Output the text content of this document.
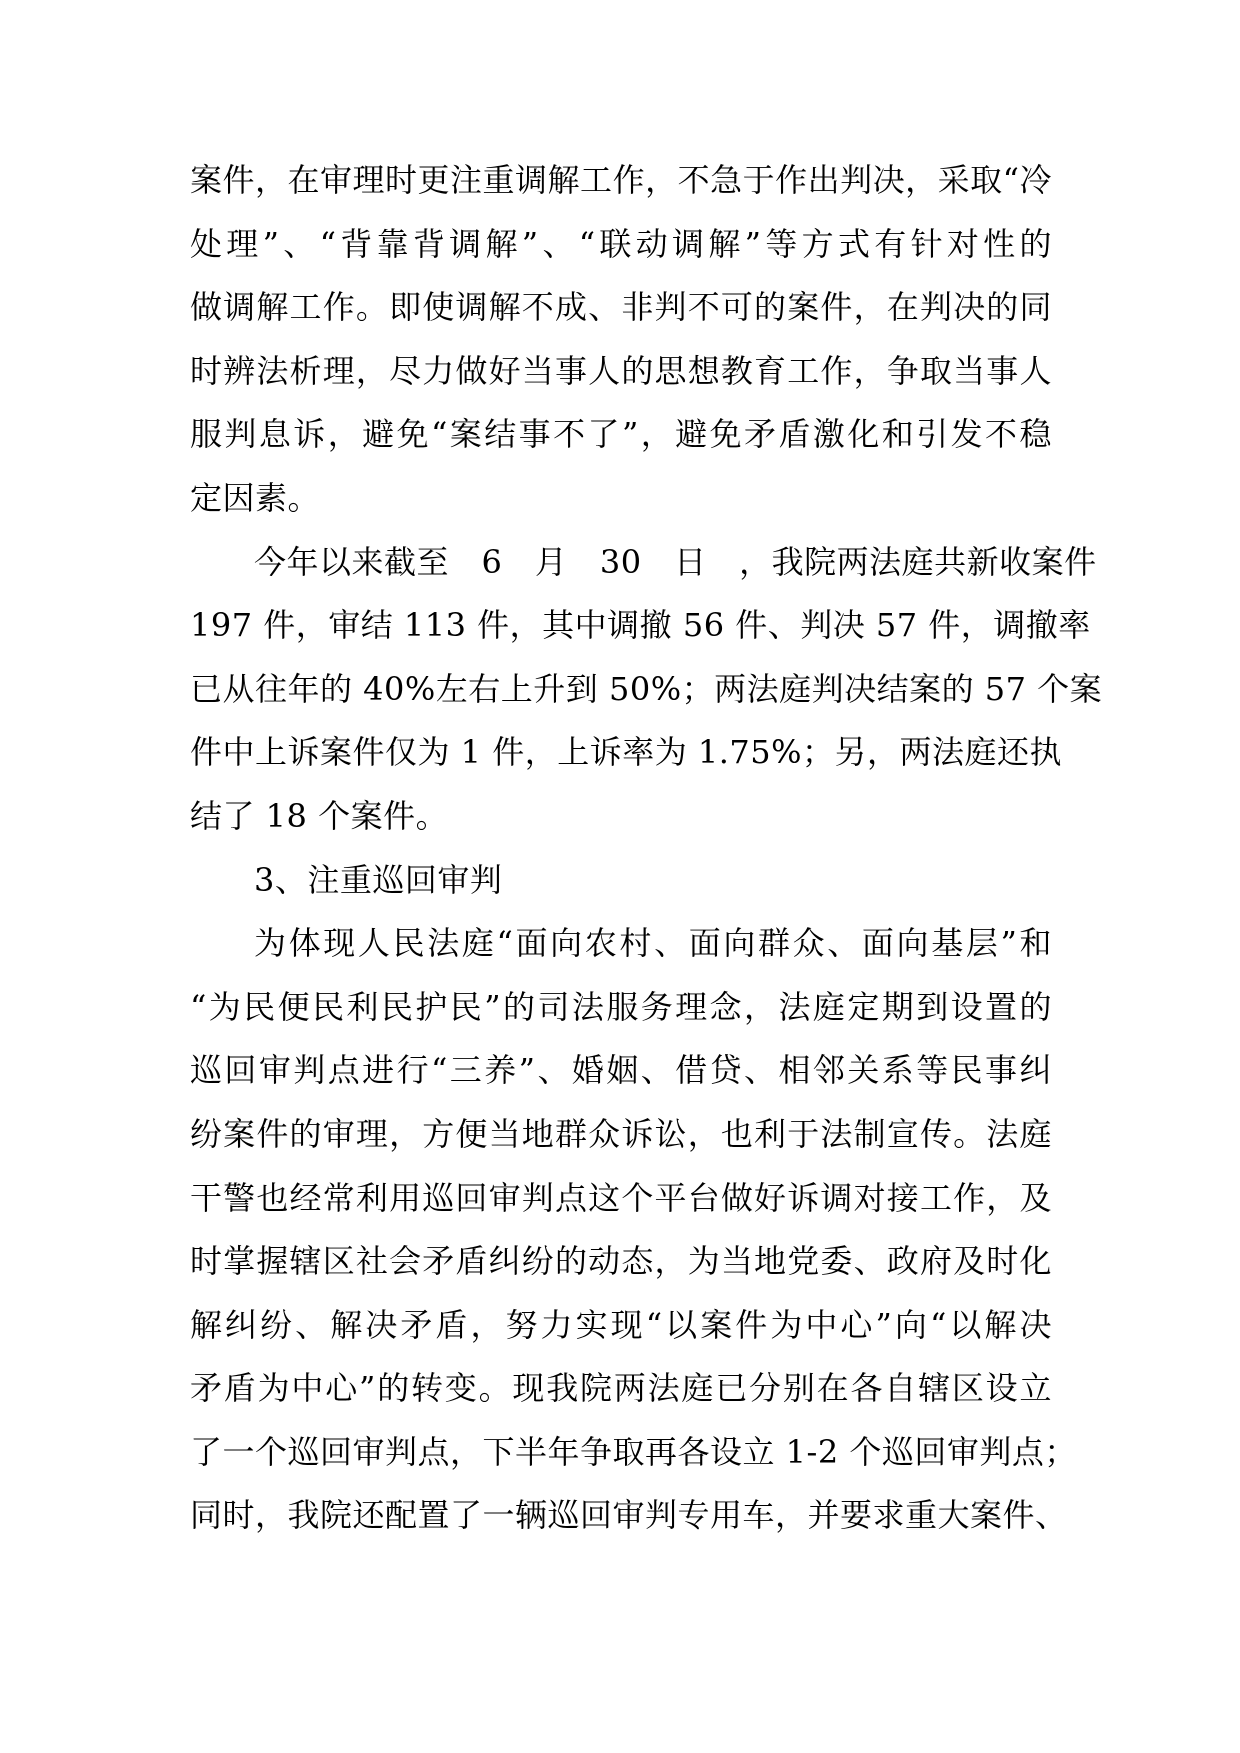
案件，在审理时更注重调解工作，不急于作出判决，采取“冷
处理”、“背靠背调解”、“联动调解”等方式有针对性的
做调解工作。即使调解不成、非判不可的案件，在判决的同
时辨法析理，尽力做好当事人的思想教育工作，争取当事人
服判息诉，避免“案结事不了”，避免矛盾激化和引发不稳
定因素。
今年以来截至　6　月　30　日　，我院两法庭共新收案件
197 件，审结 113 件，其中调撤 56 件、判决 57 件，调撤率
已从往年的 40%左右上升到 50%；两法庭判决结案的 57 个案
件中上诉案件仅为 1 件，上诉率为 1.75%；另，两法庭还执
结了 18 个案件。
3、注重巡回审判
为体现人民法庭“面向农村、面向群众、面向基层”和
“为民便民利民护民”的司法服务理念，法庭定期到设置的
巡回审判点进行“三养”、婚姻、借贷、相邻关系等民事纠
纷案件的审理，方便当地群众诉讼，也利于法制宣传。法庭
干警也经常利用巡回审判点这个平台做好诉调对接工作，及
时掌握辖区社会矛盾纠纷的动态，为当地党委、政府及时化
解纠纷、解决矛盾，努力实现“以案件为中心”向“以解决
矛盾为中心”的转变。现我院两法庭已分别在各自辖区设立
了一个巡回审判点，下半年争取再各设立 1-2 个巡回审判点；
同时，我院还配置了一辆巡回审判专用车，并要求重大案件、
